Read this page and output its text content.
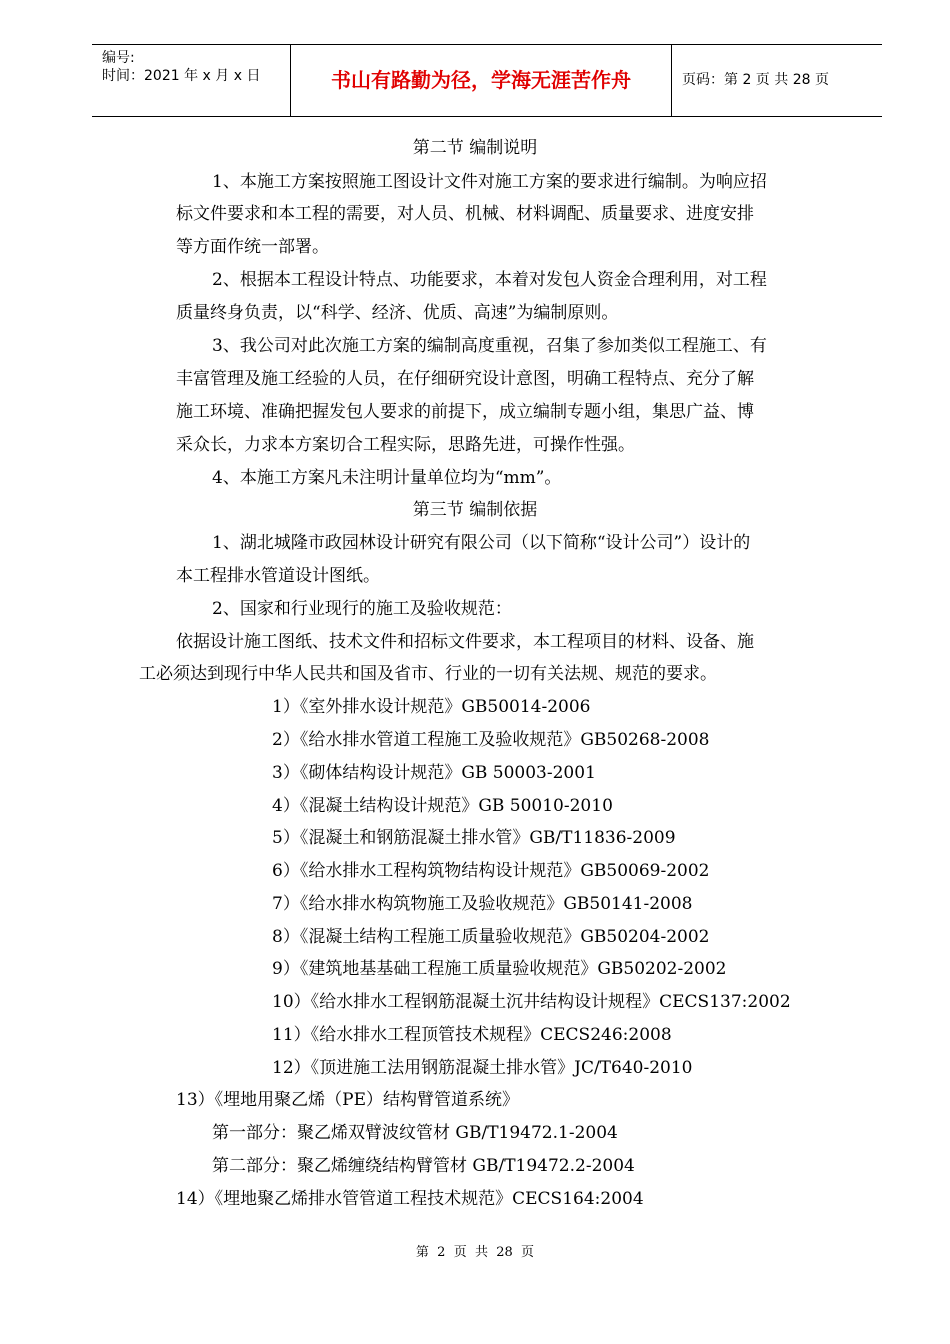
编号:
时间：2021 年 x 月 x 日	书山有路勤为径，学海无涯苦作舟	页码：第 2 页 共 28 页
第二节 编制说明
1、本施工方案按照施工图设计文件对施工方案的要求进行编制。为响应招
标文件要求和本工程的需要，对人员、机械、材料调配、质量要求、进度安排
等方面作统一部署。
2、根据本工程设计特点、功能要求，本着对发包人资金合理利用，对工程
质量终身负责，以“科学、经济、优质、高速”为编制原则。
3、我公司对此次施工方案的编制高度重视，召集了参加类似工程施工、有
丰富管理及施工经验的人员，在仔细研究设计意图，明确工程特点、充分了解
施工环境、准确把握发包人要求的前提下，成立编制专题小组，集思广益、博
采众长，力求本方案切合工程实际，思路先进，可操作性强。
4、本施工方案凡未注明计量单位均为“mm”。
第三节 编制依据
1、湖北城隆市政园林设计研究有限公司（以下简称“设计公司”）设计的
本工程排水管道设计图纸。
2、国家和行业现行的施工及验收规范：
依据设计施工图纸、技术文件和招标文件要求，本工程项目的材料、设备、施
工必须达到现行中华人民共和国及省市、行业的一切有关法规、规范的要求。
1）《室外排水设计规范》GB50014-2006
2）《给水排水管道工程施工及验收规范》GB50268-2008
3）《砌体结构设计规范》GB 50003-2001
4）《混凝土结构设计规范》GB 50010-2010
5）《混凝土和钢筋混凝土排水管》GB/T11836-2009
6）《给水排水工程构筑物结构设计规范》GB50069-2002
7）《给水排水构筑物施工及验收规范》GB50141-2008
8）《混凝土结构工程施工质量验收规范》GB50204-2002
9）《建筑地基基础工程施工质量验收规范》GB50202-2002
10）《给水排水工程钢筋混凝土沉井结构设计规程》CECS137:2002
11）《给水排水工程顶管技术规程》CECS246:2008
12）《顶进施工法用钢筋混凝土排水管》JC/T640-2010
13）《埋地用聚乙烯（PE）结构臂管道系统》
第一部分：聚乙烯双臂波纹管材 GB/T19472.1-2004
第二部分：聚乙烯缠绕结构臂管材 GB/T19472.2-2004
14）《埋地聚乙烯排水管管道工程技术规范》CECS164:2004
第  2  页  共  28  页
